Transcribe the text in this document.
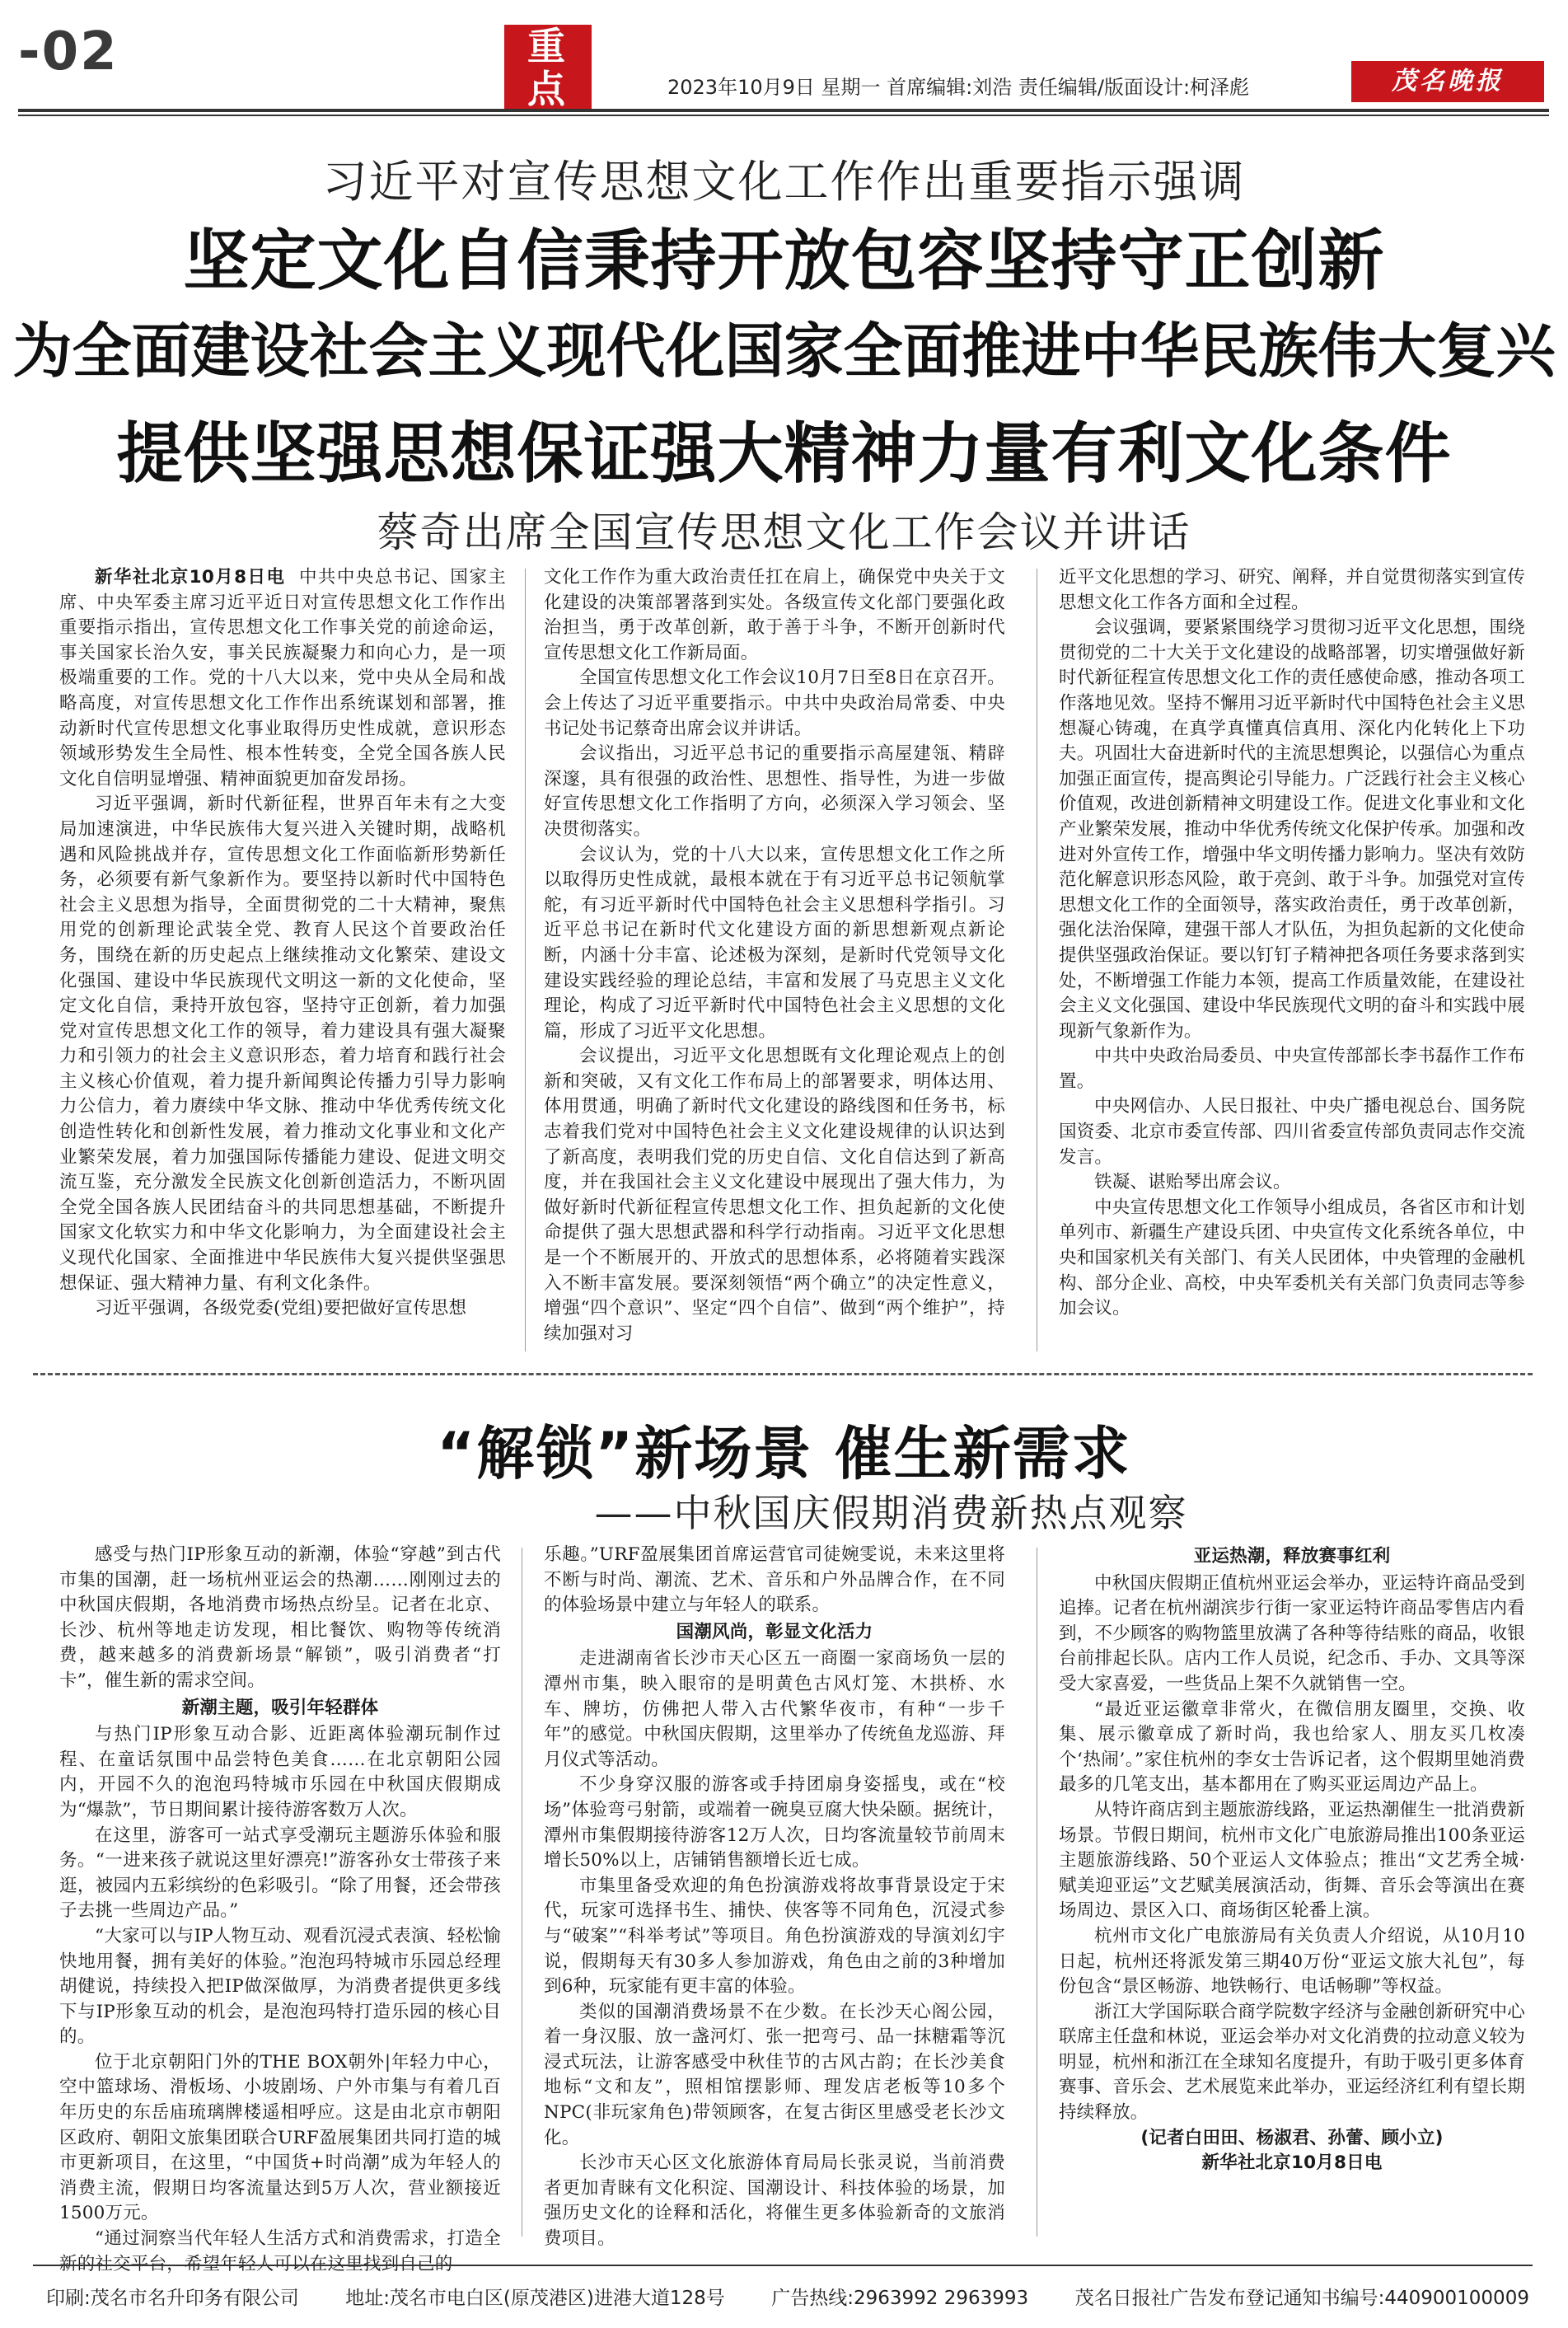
-02	重
点	2023年10月9日 星期一 首席编辑:刘浩 责任编辑/版面设计:柯泽彪	茂名晚报
习近平对宣传思想文化工作作出重要指示强调
坚定文化自信秉持开放包容坚持守正创新
为全面建设社会主义现代化国家全面推进中华民族伟大复兴
提供坚强思想保证强大精神力量有利文化条件
蔡奇出席全国宣传思想文化工作会议并讲话

新华社北京10月8日电 中共中央总书记、国家主席、中央军委主席习近平近日对宣传思想文化工作作出重要指示指出，宣传思想文化工作事关党的前途命运，事关国家长治久安，事关民族凝聚力和向心力，是一项极端重要的工作。党的十八大以来，党中央从全局和战略高度，对宣传思想文化工作作出系统谋划和部署，推动新时代宣传思想文化事业取得历史性成就，意识形态领域形势发生全局性、根本性转变，全党全国各族人民文化自信明显增强、精神面貌更加奋发昂扬。

习近平强调，新时代新征程，世界百年未有之大变局加速演进，中华民族伟大复兴进入关键时期，战略机遇和风险挑战并存，宣传思想文化工作面临新形势新任务，必须要有新气象新作为。要坚持以新时代中国特色社会主义思想为指导，全面贯彻党的二十大精神，聚焦用党的创新理论武装全党、教育人民这个首要政治任务，围绕在新的历史起点上继续推动文化繁荣、建设文化强国、建设中华民族现代文明这一新的文化使命，坚定文化自信，秉持开放包容，坚持守正创新，着力加强党对宣传思想文化工作的领导，着力建设具有强大凝聚力和引领力的社会主义意识形态，着力培育和践行社会主义核心价值观，着力提升新闻舆论传播力引导力影响力公信力，着力赓续中华文脉、推动中华优秀传统文化创造性转化和创新性发展，着力推动文化事业和文化产业繁荣发展，着力加强国际传播能力建设、促进文明交流互鉴，充分激发全民族文化创新创造活力，不断巩固全党全国各族人民团结奋斗的共同思想基础，不断提升国家文化软实力和中华文化影响力，为全面建设社会主义现代化国家、全面推进中华民族伟大复兴提供坚强思想保证、强大精神力量、有利文化条件。

习近平强调，各级党委(党组)要把做好宣传思想

文化工作作为重大政治责任扛在肩上，确保党中央关于文化建设的决策部署落到实处。各级宣传文化部门要强化政治担当，勇于改革创新，敢于善于斗争，不断开创新时代宣传思想文化工作新局面。

全国宣传思想文化工作会议10月7日至8日在京召开。会上传达了习近平重要指示。中共中央政治局常委、中央书记处书记蔡奇出席会议并讲话。

会议指出，习近平总书记的重要指示高屋建瓴、精辟深邃，具有很强的政治性、思想性、指导性，为进一步做好宣传思想文化工作指明了方向，必须深入学习领会、坚决贯彻落实。

会议认为，党的十八大以来，宣传思想文化工作之所以取得历史性成就，最根本就在于有习近平总书记领航掌舵，有习近平新时代中国特色社会主义思想科学指引。习近平总书记在新时代文化建设方面的新思想新观点新论断，内涵十分丰富、论述极为深刻，是新时代党领导文化建设实践经验的理论总结，丰富和发展了马克思主义文化理论，构成了习近平新时代中国特色社会主义思想的文化篇，形成了习近平文化思想。

会议提出，习近平文化思想既有文化理论观点上的创新和突破，又有文化工作布局上的部署要求，明体达用、体用贯通，明确了新时代文化建设的路线图和任务书，标志着我们党对中国特色社会主义文化建设规律的认识达到了新高度，表明我们党的历史自信、文化自信达到了新高度，并在我国社会主义文化建设中展现出了强大伟力，为做好新时代新征程宣传思想文化工作、担负起新的文化使命提供了强大思想武器和科学行动指南。习近平文化思想是一个不断展开的、开放式的思想体系，必将随着实践深入不断丰富发展。要深刻领悟“两个确立”的决定性意义，增强“四个意识”、坚定“四个自信”、做到“两个维护”，持续加强对习

近平文化思想的学习、研究、阐释，并自觉贯彻落实到宣传思想文化工作各方面和全过程。

会议强调，要紧紧围绕学习贯彻习近平文化思想，围绕贯彻党的二十大关于文化建设的战略部署，切实增强做好新时代新征程宣传思想文化工作的责任感使命感，推动各项工作落地见效。坚持不懈用习近平新时代中国特色社会主义思想凝心铸魂，在真学真懂真信真用、深化内化转化上下功夫。巩固壮大奋进新时代的主流思想舆论，以强信心为重点加强正面宣传，提高舆论引导能力。广泛践行社会主义核心价值观，改进创新精神文明建设工作。促进文化事业和文化产业繁荣发展，推动中华优秀传统文化保护传承。加强和改进对外宣传工作，增强中华文明传播力影响力。坚决有效防范化解意识形态风险，敢于亮剑、敢于斗争。加强党对宣传思想文化工作的全面领导，落实政治责任，勇于改革创新，强化法治保障，建强干部人才队伍，为担负起新的文化使命提供坚强政治保证。要以钉钉子精神把各项任务要求落到实处，不断增强工作能力本领，提高工作质量效能，在建设社会主义文化强国、建设中华民族现代文明的奋斗和实践中展现新气象新作为。

中共中央政治局委员、中央宣传部部长李书磊作工作布置。

中央网信办、人民日报社、中央广播电视总台、国务院国资委、北京市委宣传部、四川省委宣传部负责同志作交流发言。

铁凝、谌贻琴出席会议。

中央宣传思想文化工作领导小组成员，各省区市和计划单列市、新疆生产建设兵团、中央宣传文化系统各单位，中央和国家机关有关部门、有关人民团体，中央管理的金融机构、部分企业、高校，中央军委机关有关部门负责同志等参加会议。

“解锁”新场景 催生新需求
——中秋国庆假期消费新热点观察

感受与热门IP形象互动的新潮，体验“穿越”到古代市集的国潮，赶一场杭州亚运会的热潮……刚刚过去的中秋国庆假期，各地消费市场热点纷呈。记者在北京、长沙、杭州等地走访发现，相比餐饮、购物等传统消费，越来越多的消费新场景“解锁”，吸引消费者“打卡”，催生新的需求空间。

新潮主题，吸引年轻群体

与热门IP形象互动合影、近距离体验潮玩制作过程、在童话氛围中品尝特色美食……在北京朝阳公园内，开园不久的泡泡玛特城市乐园在中秋国庆假期成为“爆款”，节日期间累计接待游客数万人次。

在这里，游客可一站式享受潮玩主题游乐体验和服务。“一进来孩子就说这里好漂亮!”游客孙女士带孩子来逛，被园内五彩缤纷的色彩吸引。“除了用餐，还会带孩子去挑一些周边产品。”

“大家可以与IP人物互动、观看沉浸式表演、轻松愉快地用餐，拥有美好的体验。”泡泡玛特城市乐园总经理胡健说，持续投入把IP做深做厚，为消费者提供更多线下与IP形象互动的机会，是泡泡玛特打造乐园的核心目的。

位于北京朝阳门外的THE BOX朝外|年轻力中心，空中篮球场、滑板场、小坡剧场、户外市集与有着几百年历史的东岳庙琉璃牌楼遥相呼应。这是由北京市朝阳区政府、朝阳文旅集团联合URF盈展集团共同打造的城市更新项目，在这里，“中国货+时尚潮”成为年轻人的消费主流，假期日均客流量达到5万人次，营业额接近1500万元。

“通过洞察当代年轻人生活方式和消费需求，打造全新的社交平台，希望年轻人可以在这里找到自己的

乐趣。”URF盈展集团首席运营官司徒婉雯说，未来这里将不断与时尚、潮流、艺术、音乐和户外品牌合作，在不同的体验场景中建立与年轻人的联系。

国潮风尚，彰显文化活力

走进湖南省长沙市天心区五一商圈一家商场负一层的潭州市集，映入眼帘的是明黄色古风灯笼、木拱桥、水车、牌坊，仿佛把人带入古代繁华夜市，有种“一步千年”的感觉。中秋国庆假期，这里举办了传统鱼龙巡游、拜月仪式等活动。

不少身穿汉服的游客或手持团扇身姿摇曳，或在“校场”体验弯弓射箭，或端着一碗臭豆腐大快朵颐。据统计，潭州市集假期接待游客12万人次，日均客流量较节前周末增长50%以上，店铺销售额增长近七成。

市集里备受欢迎的角色扮演游戏将故事背景设定于宋代，玩家可选择书生、捕快、侠客等不同角色，沉浸式参与“破案”“科举考试”等项目。角色扮演游戏的导演刘幻宇说，假期每天有30多人参加游戏，角色由之前的3种增加到6种，玩家能有更丰富的体验。

类似的国潮消费场景不在少数。在长沙天心阁公园，着一身汉服、放一盏河灯、张一把弯弓、品一抹糖霜等沉浸式玩法，让游客感受中秋佳节的古风古韵；在长沙美食地标“文和友”，照相馆摆影师、理发店老板等10多个NPC(非玩家角色)带领顾客，在复古街区里感受老长沙文化。

长沙市天心区文化旅游体育局局长张灵说，当前消费者更加青睐有文化积淀、国潮设计、科技体验的场景，加强历史文化的诠释和活化，将催生更多体验新奇的文旅消费项目。

亚运热潮，释放赛事红利

中秋国庆假期正值杭州亚运会举办，亚运特许商品受到追捧。记者在杭州湖滨步行街一家亚运特许商品零售店内看到，不少顾客的购物篮里放满了各种等待结账的商品，收银台前排起长队。店内工作人员说，纪念币、手办、文具等深受大家喜爱，一些货品上架不久就销售一空。

“最近亚运徽章非常火，在微信朋友圈里，交换、收集、展示徽章成了新时尚，我也给家人、朋友买几枚凑个‘热闹’。”家住杭州的李女士告诉记者，这个假期里她消费最多的几笔支出，基本都用在了购买亚运周边产品上。

从特许商店到主题旅游线路，亚运热潮催生一批消费新场景。节假日期间，杭州市文化广电旅游局推出100条亚运主题旅游线路、50个亚运人文体验点；推出“文艺秀全城·赋美迎亚运”文艺赋美展演活动，街舞、音乐会等演出在赛场周边、景区入口、商场街区轮番上演。

杭州市文化广电旅游局有关负责人介绍说，从10月10日起，杭州还将派发第三期40万份“亚运文旅大礼包”，每份包含“景区畅游、地铁畅行、电话畅聊”等权益。

浙江大学国际联合商学院数字经济与金融创新研究中心联席主任盘和林说，亚运会举办对文化消费的拉动意义较为明显，杭州和浙江在全球知名度提升，有助于吸引更多体育赛事、音乐会、艺术展览来此举办，亚运经济红利有望长期持续释放。

(记者白田田、杨淑君、孙蕾、顾小立)

新华社北京10月8日电

印刷:茂名市名升印务有限公司 地址:茂名市电白区(原茂港区)进港大道128号 广告热线:2963992 2963993 茂名日报社广告发布登记通知书编号:440900100009
